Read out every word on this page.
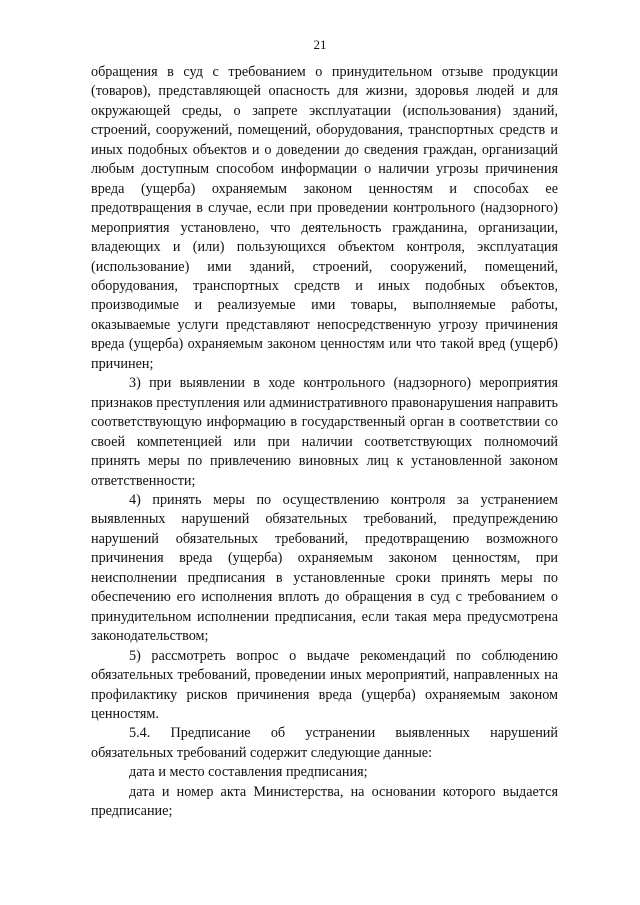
21

обращения в суд с требованием о принудительном отзыве продукции (товаров), представляющей опасность для жизни, здоровья людей и для окружающей среды, о запрете эксплуатации (использования) зданий, строений, сооружений, помещений, оборудования, транспортных средств и иных подобных объектов и о доведении до сведения граждан, организаций любым доступным способом информации о наличии угрозы причинения вреда (ущерба) охраняемым законом ценностям и способах ее предотвращения в случае, если при проведении контрольного (надзорного) мероприятия установлено, что деятельность гражданина, организации, владеющих и (или) пользующихся объектом контроля, эксплуатация (использование) ими зданий, строений, сооружений, помещений, оборудования, транспортных средств и иных подобных объектов, производимые и реализуемые ими товары, выполняемые работы, оказываемые услуги представляют непосредственную угрозу причинения вреда (ущерба) охраняемым законом ценностям или что такой вред (ущерб) причинен;

3) при выявлении в ходе контрольного (надзорного) мероприятия признаков преступления или административного правонарушения направить соответствующую информацию в государственный орган в соответствии со своей компетенцией или при наличии соответствующих полномочий принять меры по привлечению виновных лиц к установленной законом ответственности;

4) принять меры по осуществлению контроля за устранением выявленных нарушений обязательных требований, предупреждению нарушений обязательных требований, предотвращению возможного причинения вреда (ущерба) охраняемым законом ценностям, при неисполнении предписания в установленные сроки принять меры по обеспечению его исполнения вплоть до обращения в суд с требованием о принудительном исполнении предписания, если такая мера предусмотрена законодательством;

5) рассмотреть вопрос о выдаче рекомендаций по соблюдению обязательных требований, проведении иных мероприятий, направленных на профилактику рисков причинения вреда (ущерба) охраняемым законом ценностям.

5.4. Предписание об устранении выявленных нарушений обязательных требований содержит следующие данные:

дата и место составления предписания;

дата и номер акта Министерства, на основании которого выдается предписание;
